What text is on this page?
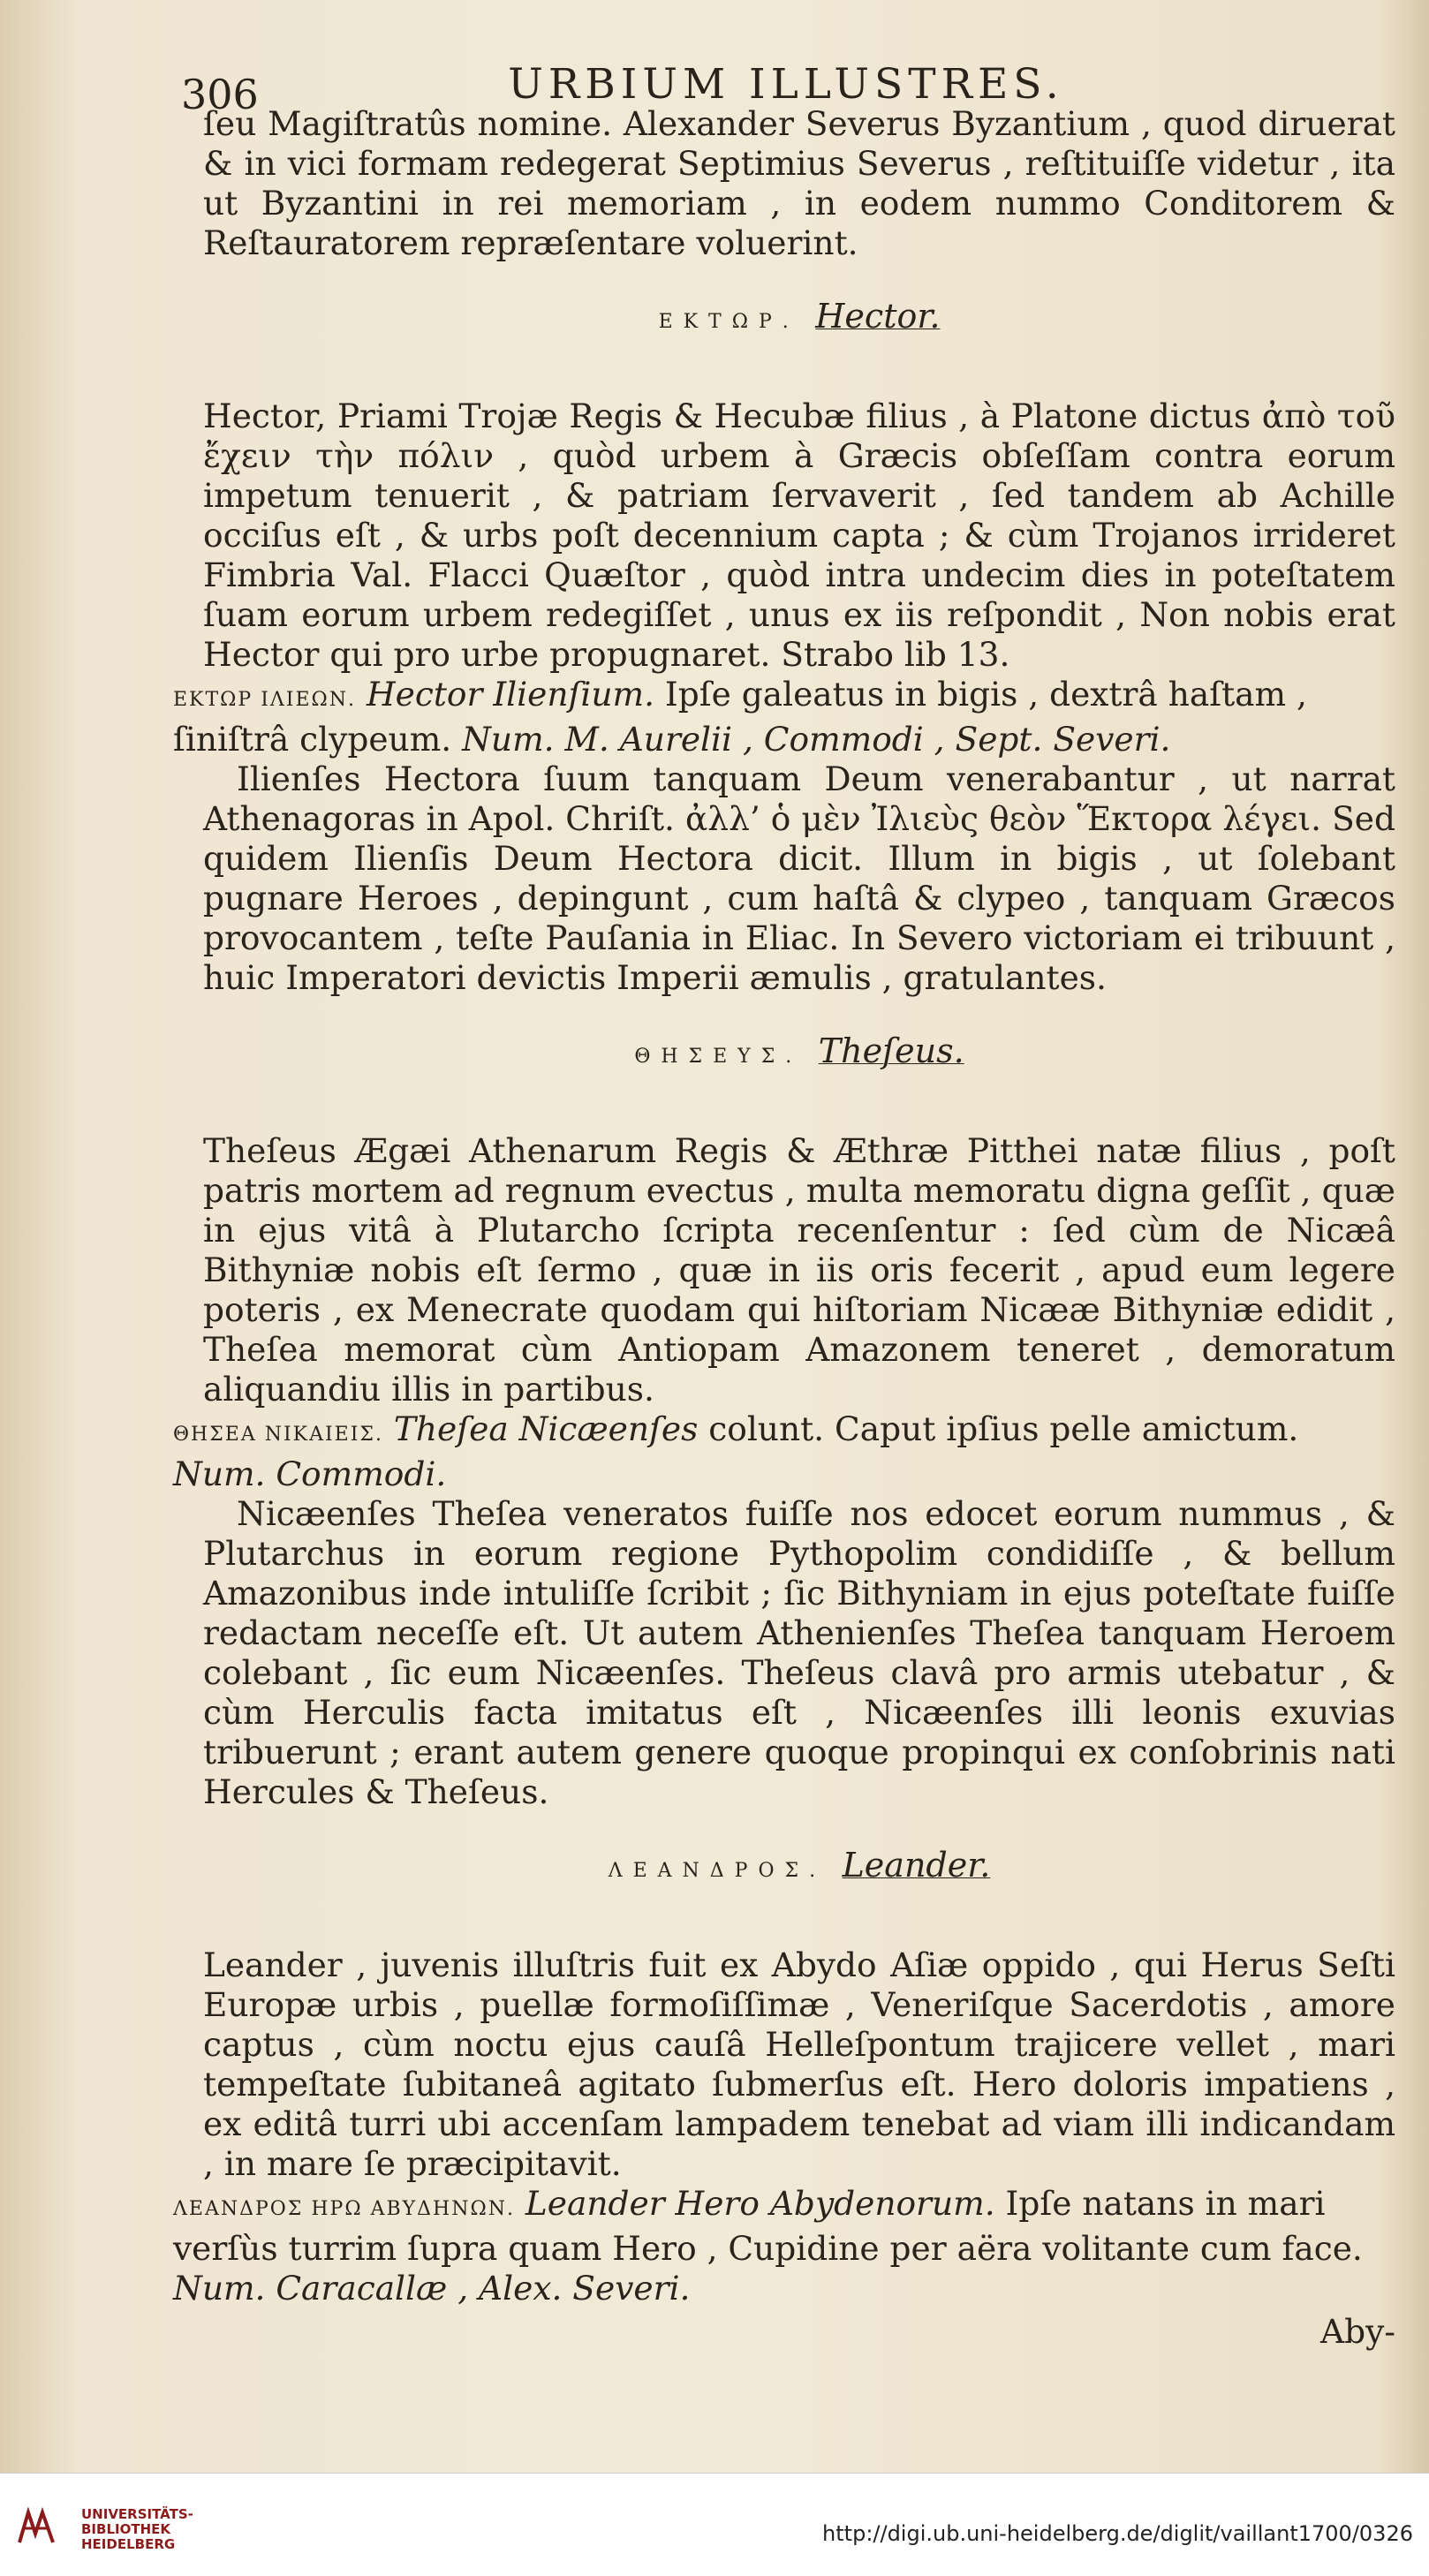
306	URBIUM ILLUSTRES.

ſeu Magiſtratûs nomine. Alexander Severus Byzantium , quod diruerat & in vici formam redegerat Septimius Severus , reſtituiſſe videtur , ita ut Byzantini in rei memoriam , in eodem nummo Conditorem & Reſtauratorem repræſentare voluerint.

ΕΚΤΩΡ. Hector.

Hector, Priami Trojæ Regis & Hecubæ filius , à Platone dictus ἀπὸ τοῦ ἔχειν τὴν πόλιν , quòd urbem à Græcis obſeſſam contra eorum impetum tenuerit , & patriam ſervaverit , ſed tandem ab Achille occiſus eſt , & urbs poſt decennium capta ; & cùm Trojanos irrideret Fimbria Val. Flacci Quæſtor , quòd intra undecim dies in poteſtatem ſuam eorum urbem redegiſſet , unus ex iis reſpondit , Non nobis erat Hector qui pro urbe propugnaret. Strabo lib 13.

ΕΚΤΩΡ ΙΛΙΕΩΝ. Hector Ilienſium. Ipſe galeatus in bigis , dextrâ haſtam , ſiniſtrâ clypeum. Num. M. Aurelii , Commodi , Sept. Severi.

Ilienſes Hectora ſuum tanquam Deum venerabantur , ut narrat Athenagoras in Apol. Chriſt. ἀλλ’ ὁ μὲν Ἰλιεὺς θεὸν Ἕκτορα λέγει. Sed quidem Ilienſis Deum Hectora dicit. Illum in bigis , ut ſolebant pugnare Heroes , depingunt , cum haſtâ & clypeo , tanquam Græcos provocantem , teſte Pauſania in Eliac. In Severo victoriam ei tribuunt , huic Imperatori devictis Imperii æmulis , gratulantes.

ΘΗΣΕΥΣ. Theſeus.

Theſeus Ægæi Athenarum Regis & Æthræ Pitthei natæ filius , poſt patris mortem ad regnum evectus , multa memoratu digna geſſit , quæ in ejus vitâ à Plutarcho ſcripta recenſentur : ſed cùm de Nicæâ Bithyniæ nobis eſt ſermo , quæ in iis oris fecerit , apud eum legere poteris , ex Menecrate quodam qui hiſtoriam Nicææ Bithyniæ edidit , Theſea memorat cùm Antiopam Amazonem teneret , demoratum aliquandiu illis in partibus.

ΘΗΣΕΑ ΝΙΚΑΙΕΙΣ. Theſea Nicæenſes colunt. Caput ipſius pelle amictum. Num. Commodi.

Nicæenſes Theſea veneratos fuiſſe nos edocet eorum nummus , & Plutarchus in eorum regione Pythopolim condidiſſe , & bellum Amazonibus inde intuliſſe ſcribit ; ſic Bithyniam in ejus poteſtate fuiſſe redactam neceſſe eſt. Ut autem Athenienſes Theſea tanquam Heroem colebant , ſic eum Nicæenſes. Theſeus clavâ pro armis utebatur , & cùm Herculis facta imitatus eſt , Nicæenſes illi leonis exuvias tribuerunt ; erant autem genere quoque propinqui ex conſobrinis nati Hercules & Theſeus.

ΛΕΑΝΔΡΟΣ. Leander.

Leander , juvenis illuſtris fuit ex Abydo Aſiæ oppido , qui Herus Seſti Europæ urbis , puellæ formoſiſſimæ , Veneriſque Sacerdotis , amore captus , cùm noctu ejus cauſâ Helleſpontum trajicere vellet , mari tempeſtate ſubitaneâ agitato ſubmerſus eſt. Hero doloris impatiens , ex editâ turri ubi accenſam lampadem tenebat ad viam illi indicandam , in mare ſe præcipitavit.

ΛΕΑΝΔΡΟΣ ΗΡΩ ΑΒΥΔΗΝΩΝ. Leander Hero Abydenorum. Ipſe natans in mari verſùs turrim ſupra quam Hero , Cupidine per aëra volitante cum face. Num. Caracallæ , Alex. Severi.

Aby-

UNIVERSITÄTS-
BIBLIOTHEK
HEIDELBERG	http://digi.ub.uni-heidelberg.de/diglit/vaillant1700/0326
